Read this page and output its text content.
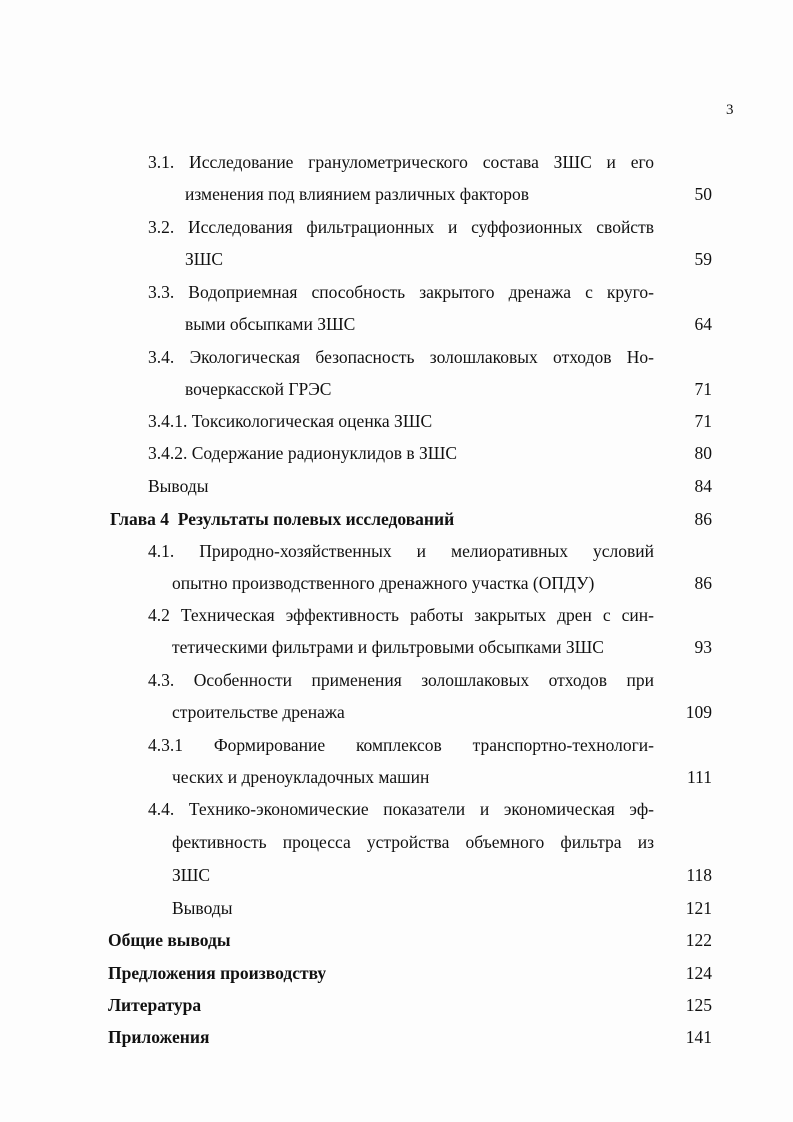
3
3.1. Исследование гранулометрического состава ЗШС и его
изменения под влиянием различных факторов	50
3.2. Исследования фильтрационных и суффозионных свойств
ЗШС	59
3.3. Водоприемная способность закрытого дренажа с круго-
выми обсыпками ЗШС	64
3.4. Экологическая безопасность золошлаковых отходов Но-
вочеркасской ГРЭС	71
3.4.1. Токсикологическая оценка ЗШС	71
3.4.2. Содержание радионуклидов в ЗШС	80
Выводы	84
Глава 4  Результаты полевых исследований	86
4.1. Природно-хозяйственных и мелиоративных условий
опытно производственного дренажного участка (ОПДУ)	86
4.2 Техническая эффективность работы закрытых дрен с син-
тетическими фильтрами и фильтровыми обсыпками ЗШС	93
4.3. Особенности применения золошлаковых отходов при
строительстве дренажа	109
4.3.1 Формирование комплексов транспортно-технологи-
ческих и дреноукладочных машин	111
4.4. Технико-экономические показатели и экономическая эф-
фективность процесса устройства объемного фильтра из
ЗШС	118
Выводы	121
Общие выводы	122
Предложения производству	124
Литература	125
Приложения	141
